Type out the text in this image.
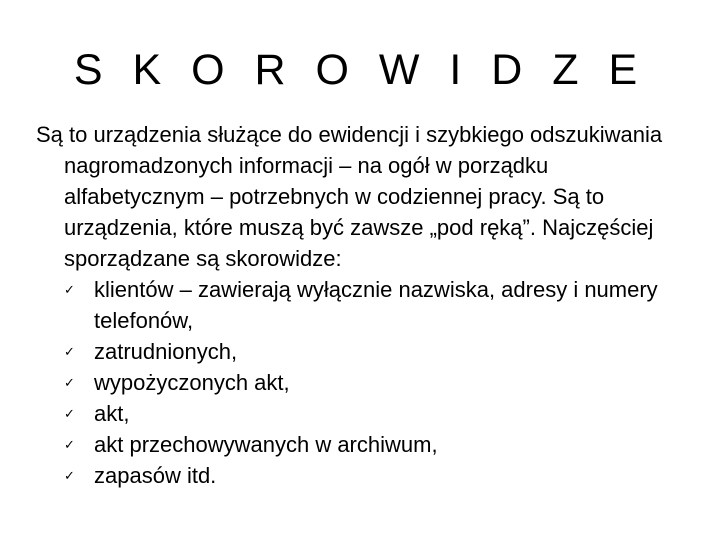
S K O R O W I D Z E

Są to urządzenia służące do ewidencji i szybkiego odszukiwania nagromadzonych informacji – na ogół w porządku alfabetycznym – potrzebnych w codziennej pracy. Są to urządzenia, które muszą być zawsze „pod ręką”. Najczęściej sporządzane są skorowidze:

✓ klientów – zawierają wyłącznie nazwiska, adresy i numery telefonów,
✓ zatrudnionych,
✓ wypożyczonych akt,
✓ akt,
✓ akt przechowywanych w archiwum,
✓ zapasów itd.
